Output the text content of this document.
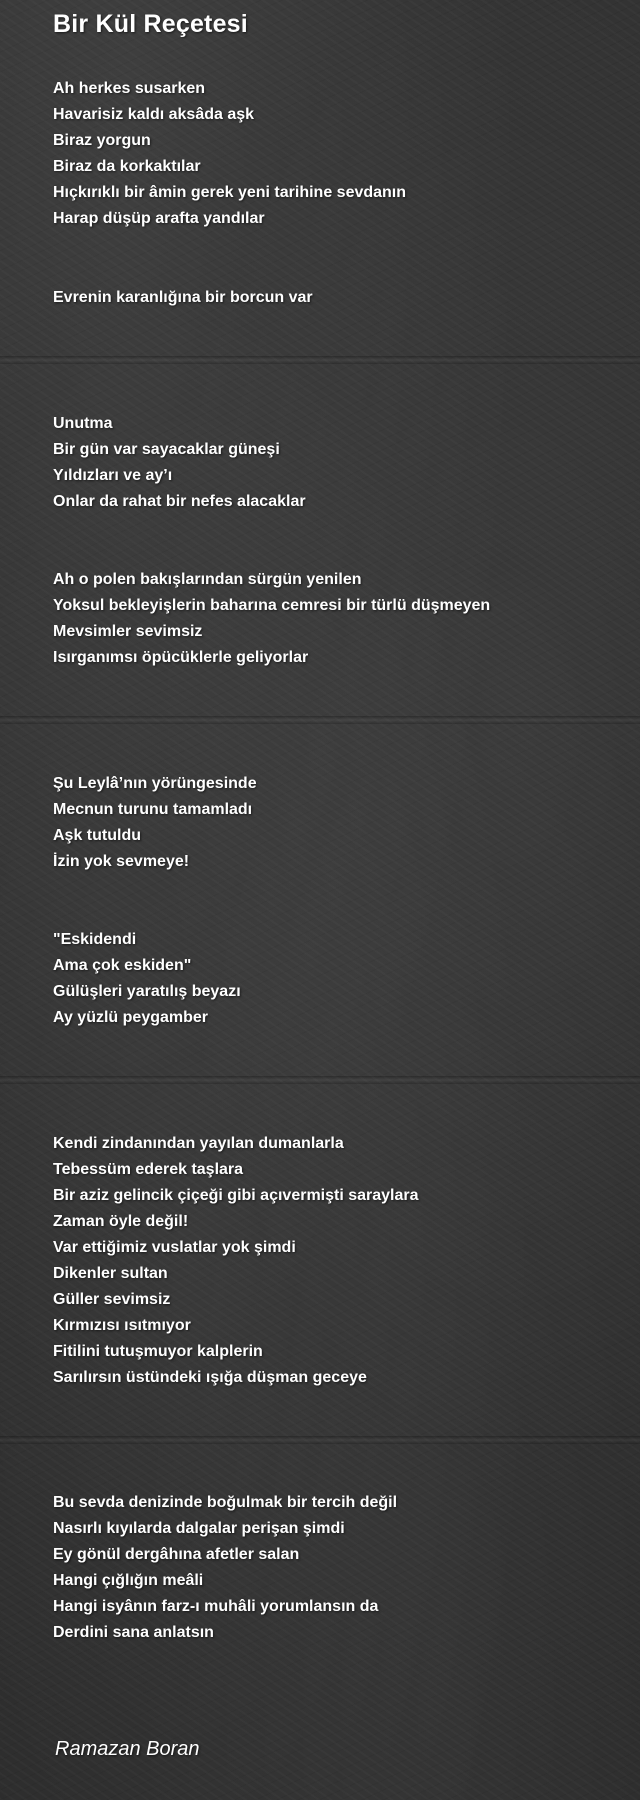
Bir Kül Reçetesi
Ah herkes susarken
Havarisiz kaldı aksâda aşk
Biraz yorgun
Biraz da korkaktılar
Hıçkırıklı bir âmin gerek yeni tarihine sevdanın
Harap düşüp arafta yandılar
Evrenin karanlığına bir borcun var
Unutma
Bir gün var sayacaklar güneşi
Yıldızları ve ay’ı
Onlar da rahat bir nefes alacaklar
Ah o polen bakışlarından sürgün yenilen
Yoksul bekleyişlerin baharına cemresi bir türlü düşmeyen
Mevsimler sevimsiz
Isırganımsı öpücüklerle geliyorlar
Şu Leylâ’nın yörüngesinde
Mecnun turunu tamamladı
Aşk tutuldu
İzin yok sevmeye!
"Eskidendi
Ama çok eskiden"
Gülüşleri yaratılış beyazı
Ay yüzlü peygamber
Kendi zindanından yayılan dumanlarla
Tebessüm ederek taşlara
Bir aziz gelincik çiçeği gibi açıvermişti saraylara
Zaman öyle değil!
Var ettiğimiz vuslatlar yok şimdi
Dikenler sultan
Güller sevimsiz
Kırmızısı ısıtmıyor
Fitilini tutuşmuyor kalplerin
Sarılırsın üstündeki ışığa düşman geceye
Bu sevda denizinde boğulmak bir tercih değil
Nasırlı kıyılarda dalgalar perişan şimdi
Ey gönül dergâhına afetler salan
Hangi çığlığın meâli
Hangi isyânın farz-ı muhâli yorumlansın da
Derdini sana anlatsın
Ramazan Boran
